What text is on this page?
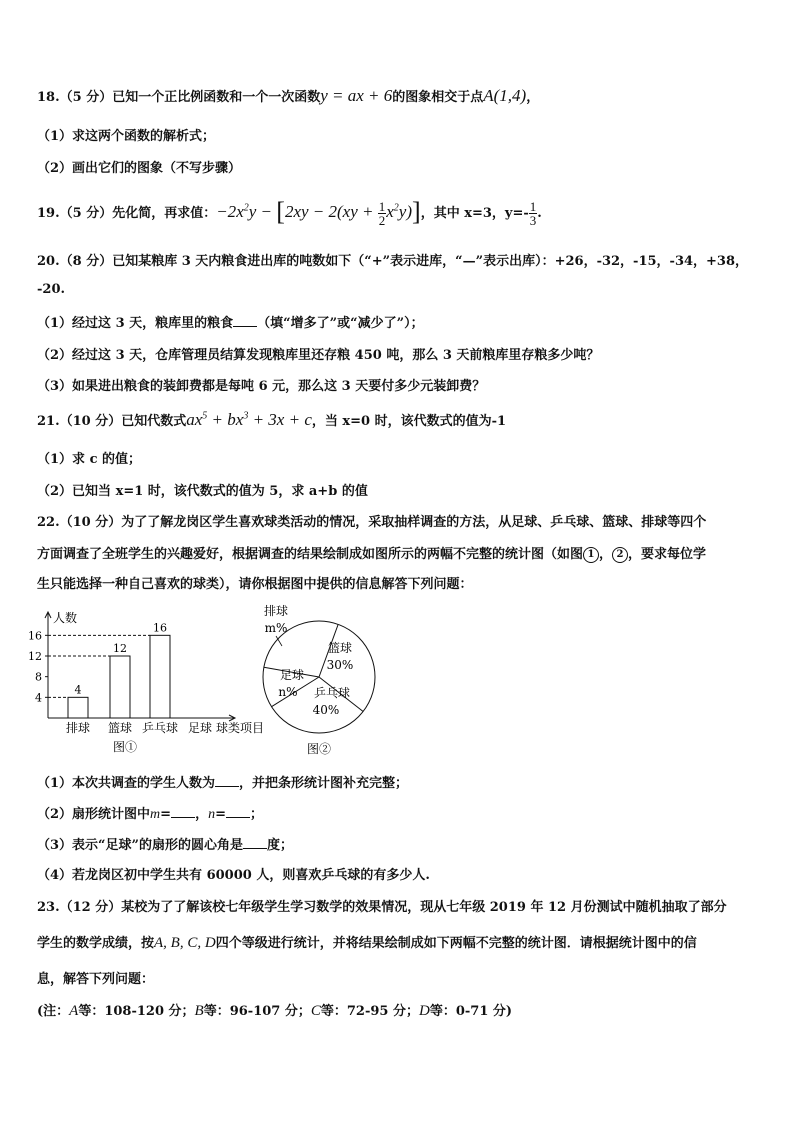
18.（5 分）已知一个正比例函数和一个一次函数y = ax + 6的图象相交于点A(1,4)，
（1）求这两个函数的解析式；
（2）画出它们的图象（不写步骤）
19.（5 分）先化简，再求值：$-2x^2y - [2xy - 2(xy + \frac{1}{2} x^2y)]$，其中 x=3，$y=- \frac{1}{3}$ .
20.（8 分）已知某粮库 3 天内粮食进出库的吨数如下（“+”表示进库，“—”表示出库）：+26，-32，-15，-34，+38，
-20.
（1）经过这 3 天，粮库里的粮食 （填“增多了”或“减少了”）；
（2）经过这 3 天，仓库管理员结算发现粮库里还存粮 450 吨，那么 3 天前粮库里存粮多少吨？
（3）如果进出粮食的装卸费都是每吨 6 元，那么这 3 天要付多少元装卸费？
21.（10 分）已知代数式$ax^5 + bx^3 + 3x + c$，当 x=0 时，该代数式的值为-1
（1）求 c 的值；
（2）已知当 x=1 时，该代数式的值为 5，求 a+b 的值
22.（10 分）为了了解龙岗区学生喜欢球类活动的情况，采取抽样调查的方法，从足球、乒乓球、篮球、排球等四个
方面调查了全班学生的兴趣爱好，根据调查的结果绘制成如图所示的两幅不完整的统计图（如图 1 ， 2 ，要求每位学
生只能选择一种自己喜欢的球类），请你根据图中提供的信息解答下列问题：
人数
4
8
12
16
4
排球
12
篮球
16
乒乓球 足球 球类项目
图①
排球
m%
篮球
30%
乒乓球
40%
足球
n%
图②
（1）本次共调查的学生人数为 ，并把条形统计图补充完整；
（2）扇形统计图中m= ，n= ；
（3）表示“足球”的扇形的圆心角是 度；
（4）若龙岗区初中学生共有 60000 人，则喜欢乒乓球的有多少人.
23.（12 分）某校为了了解该校七年级学生学习数学的效果情况，现从七年级 2019 年 12 月份测试中随机抽取了部分
学生的数学成绩，按A, B, C, D四个等级进行统计，并将结果绘制成如下两幅不完整的统计图．请根据统计图中的信
息，解答下列问题：
(注：A等：108-120 分；B等：96-107 分；C等：72-95 分；D等：0-71 分)
